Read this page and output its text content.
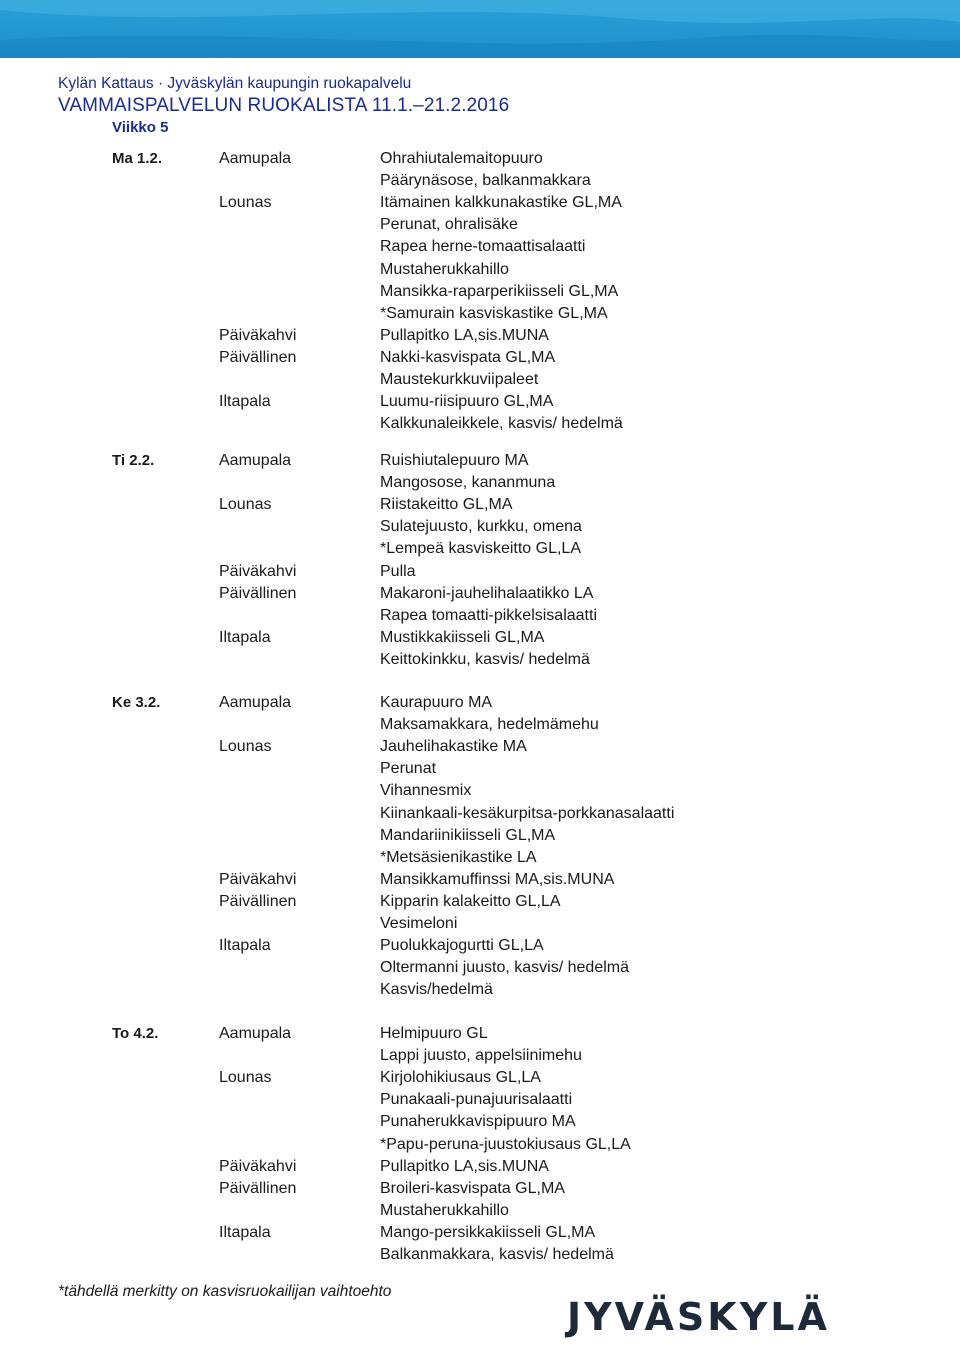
Kylän Kattaus · Jyväskylän kaupungin ruokapalvelu
VAMMAISPALVELUN RUOKALISTA 11.1.–21.2.2016
Viikko 5
Ma 1.2.	Aamupala	Ohrahiutalemaitopuuro
Päärynäsose, balkanmakkara
Lounas	Itämainen kalkkunakastike GL,MA
Perunat, ohralisäke
Rapea herne-tomaattisalaatti
Mustaherukkahillo
Mansikka-raparperikiisseli GL,MA
*Samurain kasviskastike GL,MA
Päiväkahvi	Pullapitko LA,sis.MUNA
Päivällinen	Nakki-kasvispata GL,MA
Maustekurkkuviipaleet
Iltapala	Luumu-riisipuuro GL,MA
Kalkkunaleikkele, kasvis/ hedelmä
Ti 2.2.	Aamupala	Ruishiutalepuuro MA
Mangosose, kananmuna
Lounas	Riistakeitto GL,MA
Sulatejuusto, kurkku, omena
*Lempeä kasviskeitto GL,LA
Päiväkahvi	Pulla
Päivällinen	Makaroni-jauhelihalaatikko LA
Rapea tomaatti-pikkelsisalaatti
Iltapala	Mustikkakiisseli GL,MA
Keittokinkku, kasvis/ hedelmä
Ke 3.2.	Aamupala	Kaurapuuro MA
Maksamakkara, hedelmämehu
Lounas	Jauhelihakastike MA
Perunat
Vihannesmix
Kiinankaali-kesäkurpitsa-porkkanasalaatti
Mandariinikiisseli GL,MA
*Metsäsienikastike LA
Päiväkahvi	Mansikkamuffinssi MA,sis.MUNA
Päivällinen	Kipparin kalakeitto GL,LA
Vesimeloni
Iltapala	Puolukkajogurtti GL,LA
Oltermanni juusto, kasvis/ hedelmä
Kasvis/hedelmä
To 4.2.	Aamupala	Helmipuuro GL
Lappi juusto, appelsiinimehu
Lounas	Kirjolohikiusaus GL,LA
Punakaali-punajuurisalaatti
Punaherukkavispipuuro MA
*Papu-peruna-juustokiusaus GL,LA
Päiväkahvi	Pullapitko LA,sis.MUNA
Päivällinen	Broileri-kasvispata GL,MA
Mustaherukkahillo
Iltapala	Mango-persikkakiisseli GL,MA
Balkanmakkara, kasvis/ hedelmä
*tähdellä merkitty on kasvisruokailijan vaihtoehto
JYVÄSKYLÄ
